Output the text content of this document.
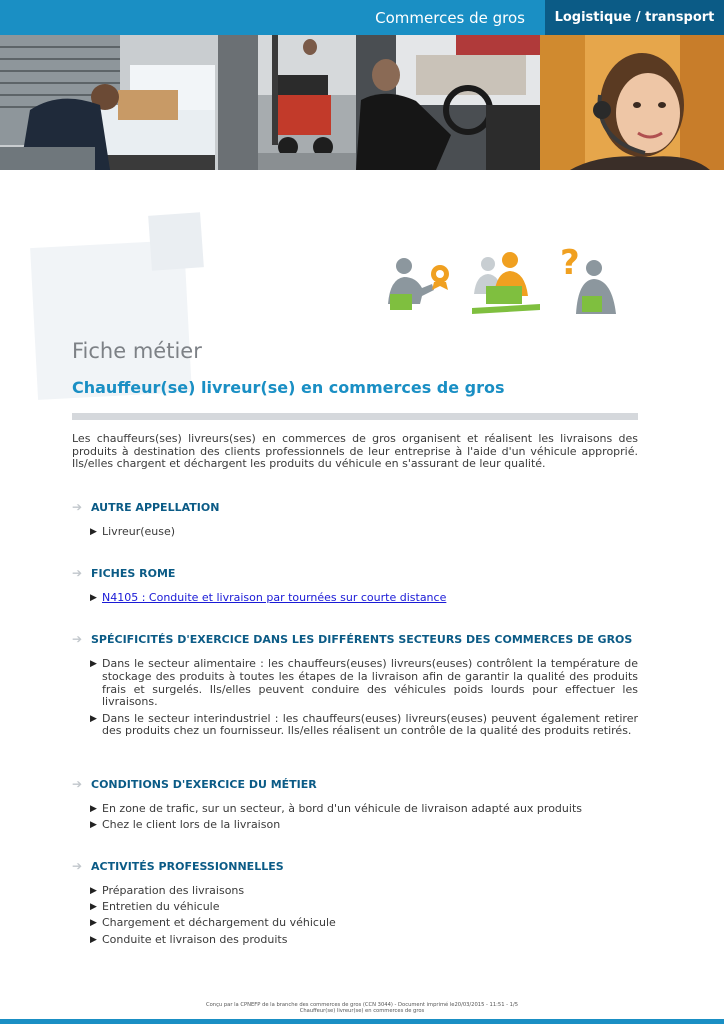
Commerces de gros	Logistique / transport
?
Fiche métier
Chauffeur(se) livreur(se) en commerces de gros

Les chauffeurs(ses) livreurs(ses) en commerces de gros organisent et réalisent les livraisons des produits à destination des clients professionnels de leur entreprise à l'aide d'un véhicule approprié. Ils/elles chargent et déchargent les produits du véhicule en s'assurant de leur qualité.

➔ AUTRE APPELLATION
▶ Livreur(euse)
➔ FICHES ROME
▶ N4105 : Conduite et livraison par tournées sur courte distance
➔ SPÉCIFICITÉS D'EXERCICE DANS LES DIFFÉRENTS SECTEURS DES COMMERCES DE GROS
▶ Dans le secteur alimentaire : les chauffeurs(euses) livreurs(euses) contrôlent la température de stockage des produits à toutes les étapes de la livraison afin de garantir la qualité des produits frais et surgelés. Ils/elles peuvent conduire des véhicules poids lourds pour effectuer les livraisons.
▶ Dans le secteur interindustriel : les chauffeurs(euses) livreurs(euses) peuvent également retirer des produits chez un fournisseur. Ils/elles réalisent un contrôle de la qualité des produits retirés.
➔ CONDITIONS D'EXERCICE DU MÉTIER
▶ En zone de trafic, sur un secteur, à bord d'un véhicule de livraison adapté aux produits
▶ Chez le client lors de la livraison
➔ ACTIVITÉS PROFESSIONNELLES
▶ Préparation des livraisons
▶ Entretien du véhicule
▶ Chargement et déchargement du véhicule
▶ Conduite et livraison des produits
Conçu par la CPNEFP de la branche des commerces de gros (CCN 3044) - Document imprimé le20/03/2015 - 11:51 - 1/5
Chauffeur(se) livreur(se) en commerces de gros
